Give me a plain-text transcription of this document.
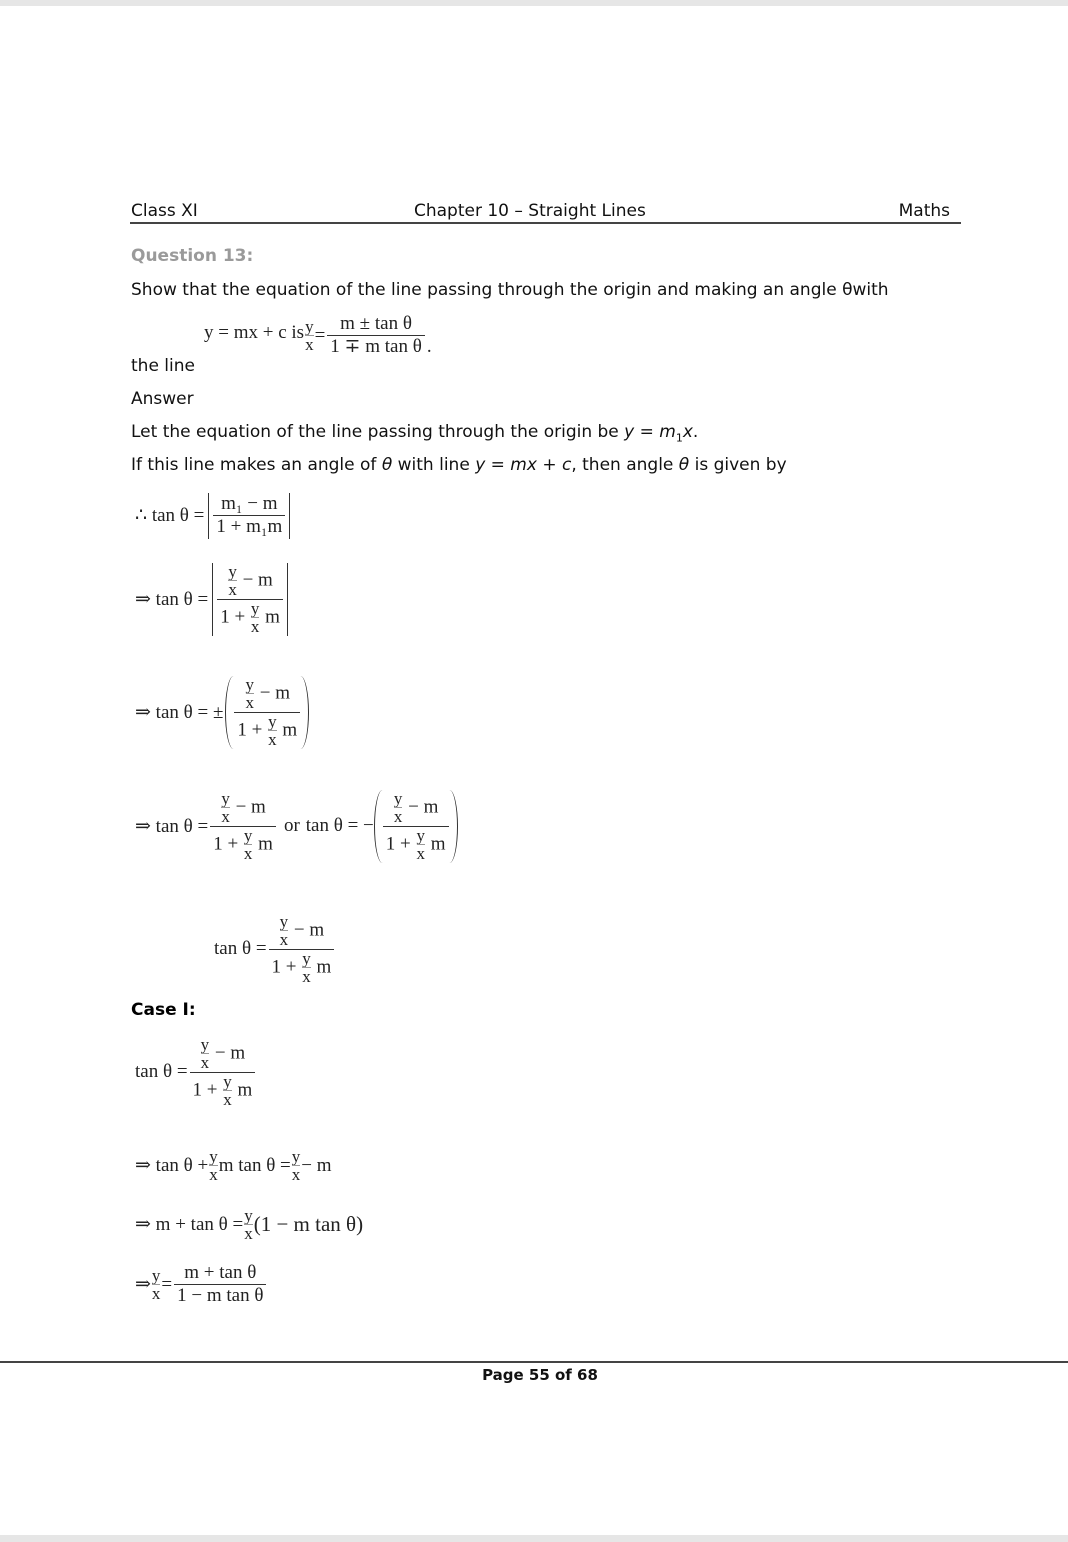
Class XI	Chapter 10 – Straight Lines	Maths
Question 13:
Show that the equation of the line passing through the origin and making an angle θwith
y = mx + c is $\frac{y}{x} = \frac{\text{m ± tan θ}}{\text{1 ∓ m tan θ}}$ .
the line
Answer
Let the equation of the line passing through the origin be $y = m_1x$.
If this line makes an angle of θ with line y = mx + c, then angle θ is given by
∴ $\tan \theta = \frac{\text{m₁ − m}}{\text{1 + m₁m}}$
⇒ $\tan \theta = \frac{\frac{y}{x} - m}{1 + \frac{y}{x} m}$
⇒ tan θ = ± $\frac{\frac{y}{x} - m}{1 + \frac{y}{x} m}$
⇒ $\tan \theta = \frac{\frac{y}{x} - m}{1 + \frac{y}{x} m}$ or tan θ = − $\frac{\frac{y}{x} - m}{1 + \frac{y}{x} m}$
$\tan \theta = \frac{\frac{y}{x} - m}{1 + \frac{y}{x} m}$
Case I:
$\tan \theta = \frac{\frac{y}{x} - m}{1 + \frac{y}{x} m}$
⇒ $\tan \theta + \frac{y}{x}$ m $\tan \theta = \frac{y}{x} - m$
⇒ $m + \tan \theta = \frac{y}{x} (1 - m$ tan θ)
⇒ $\frac{y}{x} = \frac{\text{m + tan θ}}{\text{1 − m tan θ}}$
Page 55 of 68
